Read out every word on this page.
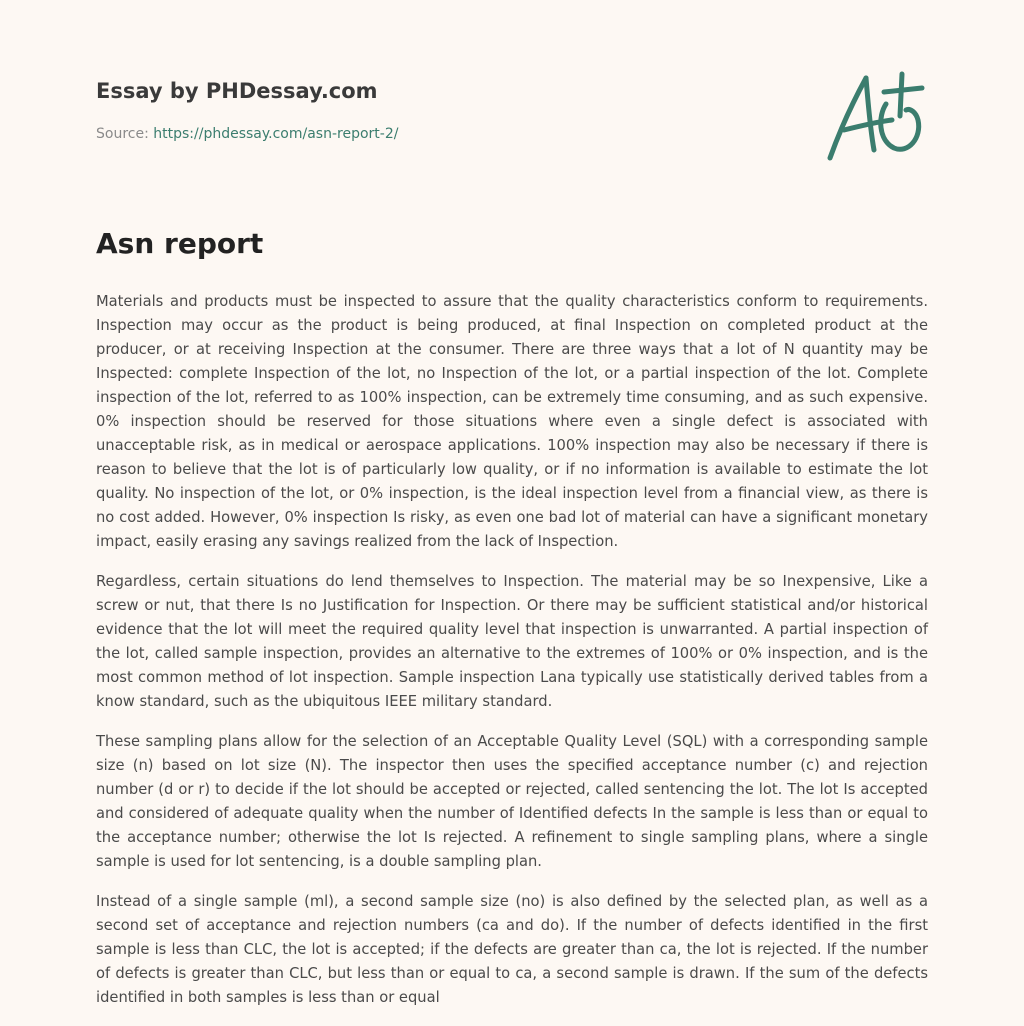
Essay by PHDessay.com
Source: https://phdessay.com/asn-report-2/
Asn report

Materials and products must be inspected to assure that the quality characteristics conform to requirements. Inspection may occur as the product is being produced, at final Inspection on completed product at the producer, or at receiving Inspection at the consumer. There are three ways that a lot of N quantity may be Inspected: complete Inspection of the lot, no Inspection of the lot, or a partial inspection of the lot. Complete inspection of the lot, referred to as 100% inspection, can be extremely time consuming, and as such expensive. 0% inspection should be reserved for those situations where even a single defect is associated with unacceptable risk, as in medical or aerospace applications. 100% inspection may also be necessary if there is reason to believe that the lot is of particularly low quality, or if no information is available to estimate the lot quality. No inspection of the lot, or 0% inspection, is the ideal inspection level from a financial view, as there is no cost added. However, 0% inspection Is risky, as even one bad lot of material can have a significant monetary impact, easily erasing any savings realized from the lack of Inspection.

Regardless, certain situations do lend themselves to Inspection. The material may be so Inexpensive, Like a screw or nut, that there Is no Justification for Inspection. Or there may be sufficient statistical and/or historical evidence that the lot will meet the required quality level that inspection is unwarranted. A partial inspection of the lot, called sample inspection, provides an alternative to the extremes of 100% or 0% inspection, and is the most common method of lot inspection. Sample inspection Lana typically use statistically derived tables from a know standard, such as the ubiquitous IEEE military standard.

These sampling plans allow for the selection of an Acceptable Quality Level (SQL) with a corresponding sample size (n) based on lot size (N). The inspector then uses the specified acceptance number (c) and rejection number (d or r) to decide if the lot should be accepted or rejected, called sentencing the lot. The lot Is accepted and considered of adequate quality when the number of Identified defects In the sample is less than or equal to the acceptance number; otherwise the lot Is rejected. A refinement to single sampling plans, where a single sample is used for lot sentencing, is a double sampling plan.

Instead of a single sample (ml), a second sample size (no) is also defined by the selected plan, as well as a second set of acceptance and rejection numbers (ca and do). If the number of defects identified in the first sample is less than CLC, the lot is accepted; if the defects are greater than ca, the lot is rejected. If the number of defects is greater than CLC, but less than or equal to ca, a second sample is drawn. If the sum of the defects identified in both samples is less than or equal
